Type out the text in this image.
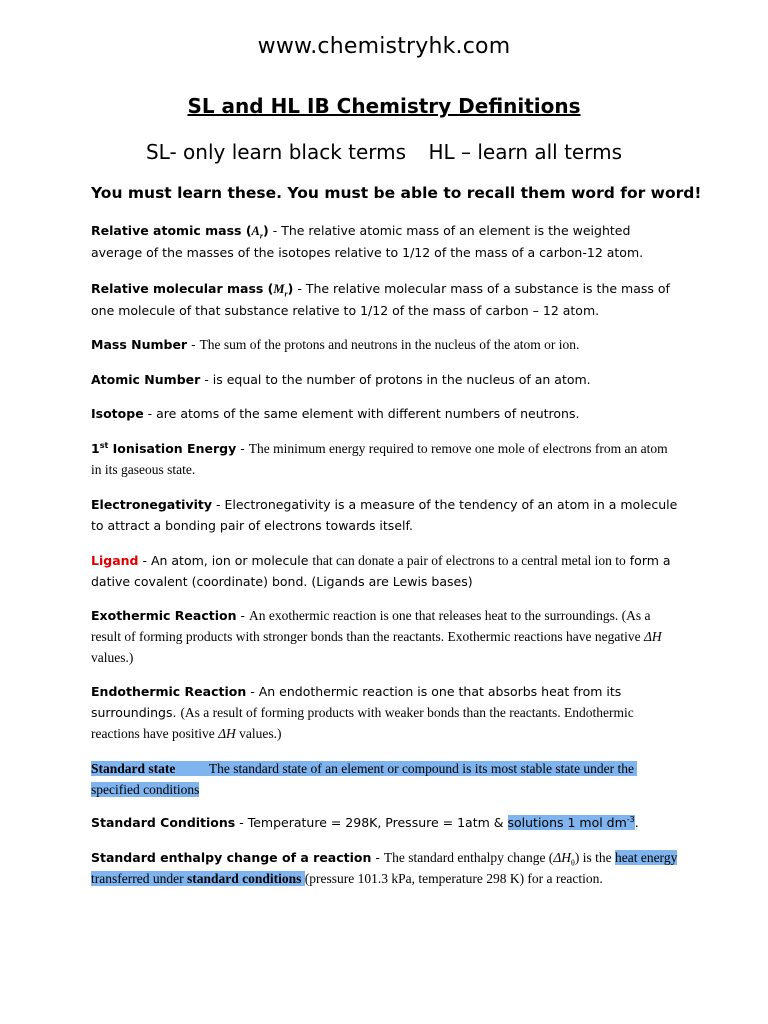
www.chemistryhk.com
SL and HL IB Chemistry Definitions
SL- only learn black terms HL – learn all terms
You must learn these. You must be able to recall them word for word!
Relative atomic mass $(A_r)$ - The relative atomic mass of an element is the weighted average of the masses of the isotopes relative to 1/12 of the mass of a carbon-12 atom.
Relative molecular mass $(M_r)$ - The relative molecular mass of a substance is the mass of one molecule of that substance relative to 1/12 of the mass of carbon – 12 atom.
Mass Number - The sum of the protons and neutrons in the nucleus of the atom or ion.
Atomic Number - is equal to the number of protons in the nucleus of an atom.
Isotope - are atoms of the same element with different numbers of neutrons.
1st Ionisation Energy - The minimum energy required to remove one mole of electrons from an atom in its gaseous state.
Electronegativity - Electronegativity is a measure of the tendency of an atom in a molecule to attract a bonding pair of electrons towards itself.
Ligand - An atom, ion or molecule that can donate a pair of electrons to a central metal ion to form a dative covalent (coordinate) bond. (Ligands are Lewis bases)
Exothermic Reaction - An exothermic reaction is one that releases heat to the surroundings. (As a result of forming products with stronger bonds than the reactants. Exothermic reactions have negative ΔH values.)
Endothermic Reaction - An endothermic reaction is one that absorbs heat from its surroundings. (As a result of forming products with weaker bonds than the reactants. Endothermic reactions have positive ΔH values.)
Standard state          The standard state of an element or compound is its most stable state under the specified conditions
Standard Conditions - Temperature = 298K, Pressure = 1atm & solutions 1 mol $dm^{-3}$.
Standard enthalpy change of a reaction - The standard enthalpy change $(\Delta H_\theta)$ is the heat energy transferred under standard conditions (pressure 101.3 kPa, temperature 298 K) for a reaction.
